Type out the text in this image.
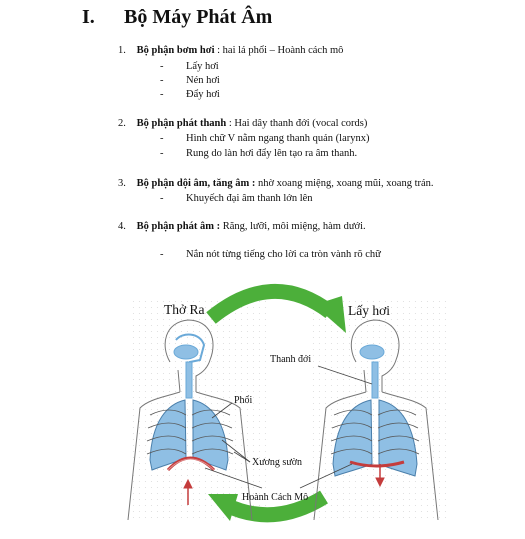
I. Bộ Máy Phát Âm
1. Bộ phận bơm hơi : hai lá phổi – Hoành cách mô
- Lấy hơi
- Nén hơi
- Đẩy hơi
2. Bộ phận phát thanh : Hai dây thanh đới (vocal cords)
- Hình chữ V nằm ngang thanh quản (larynx)
- Rung do làn hơi đẩy lên tạo ra âm thanh.
3. Bộ phận dội âm, tăng âm : nhờ xoang miệng, xoang mũi, xoang trán.
- Khuyếch đại âm thanh lớn lên
4. Bộ phận phát âm : Răng, lưỡi, môi miệng, hàm dưới.
- Nắn nót từng tiếng cho lời ca tròn vành rõ chữ
Thở Ra	Lấy hơi
Thanh đới
Phổi
Xương sườn
Hoành Cách Mô
